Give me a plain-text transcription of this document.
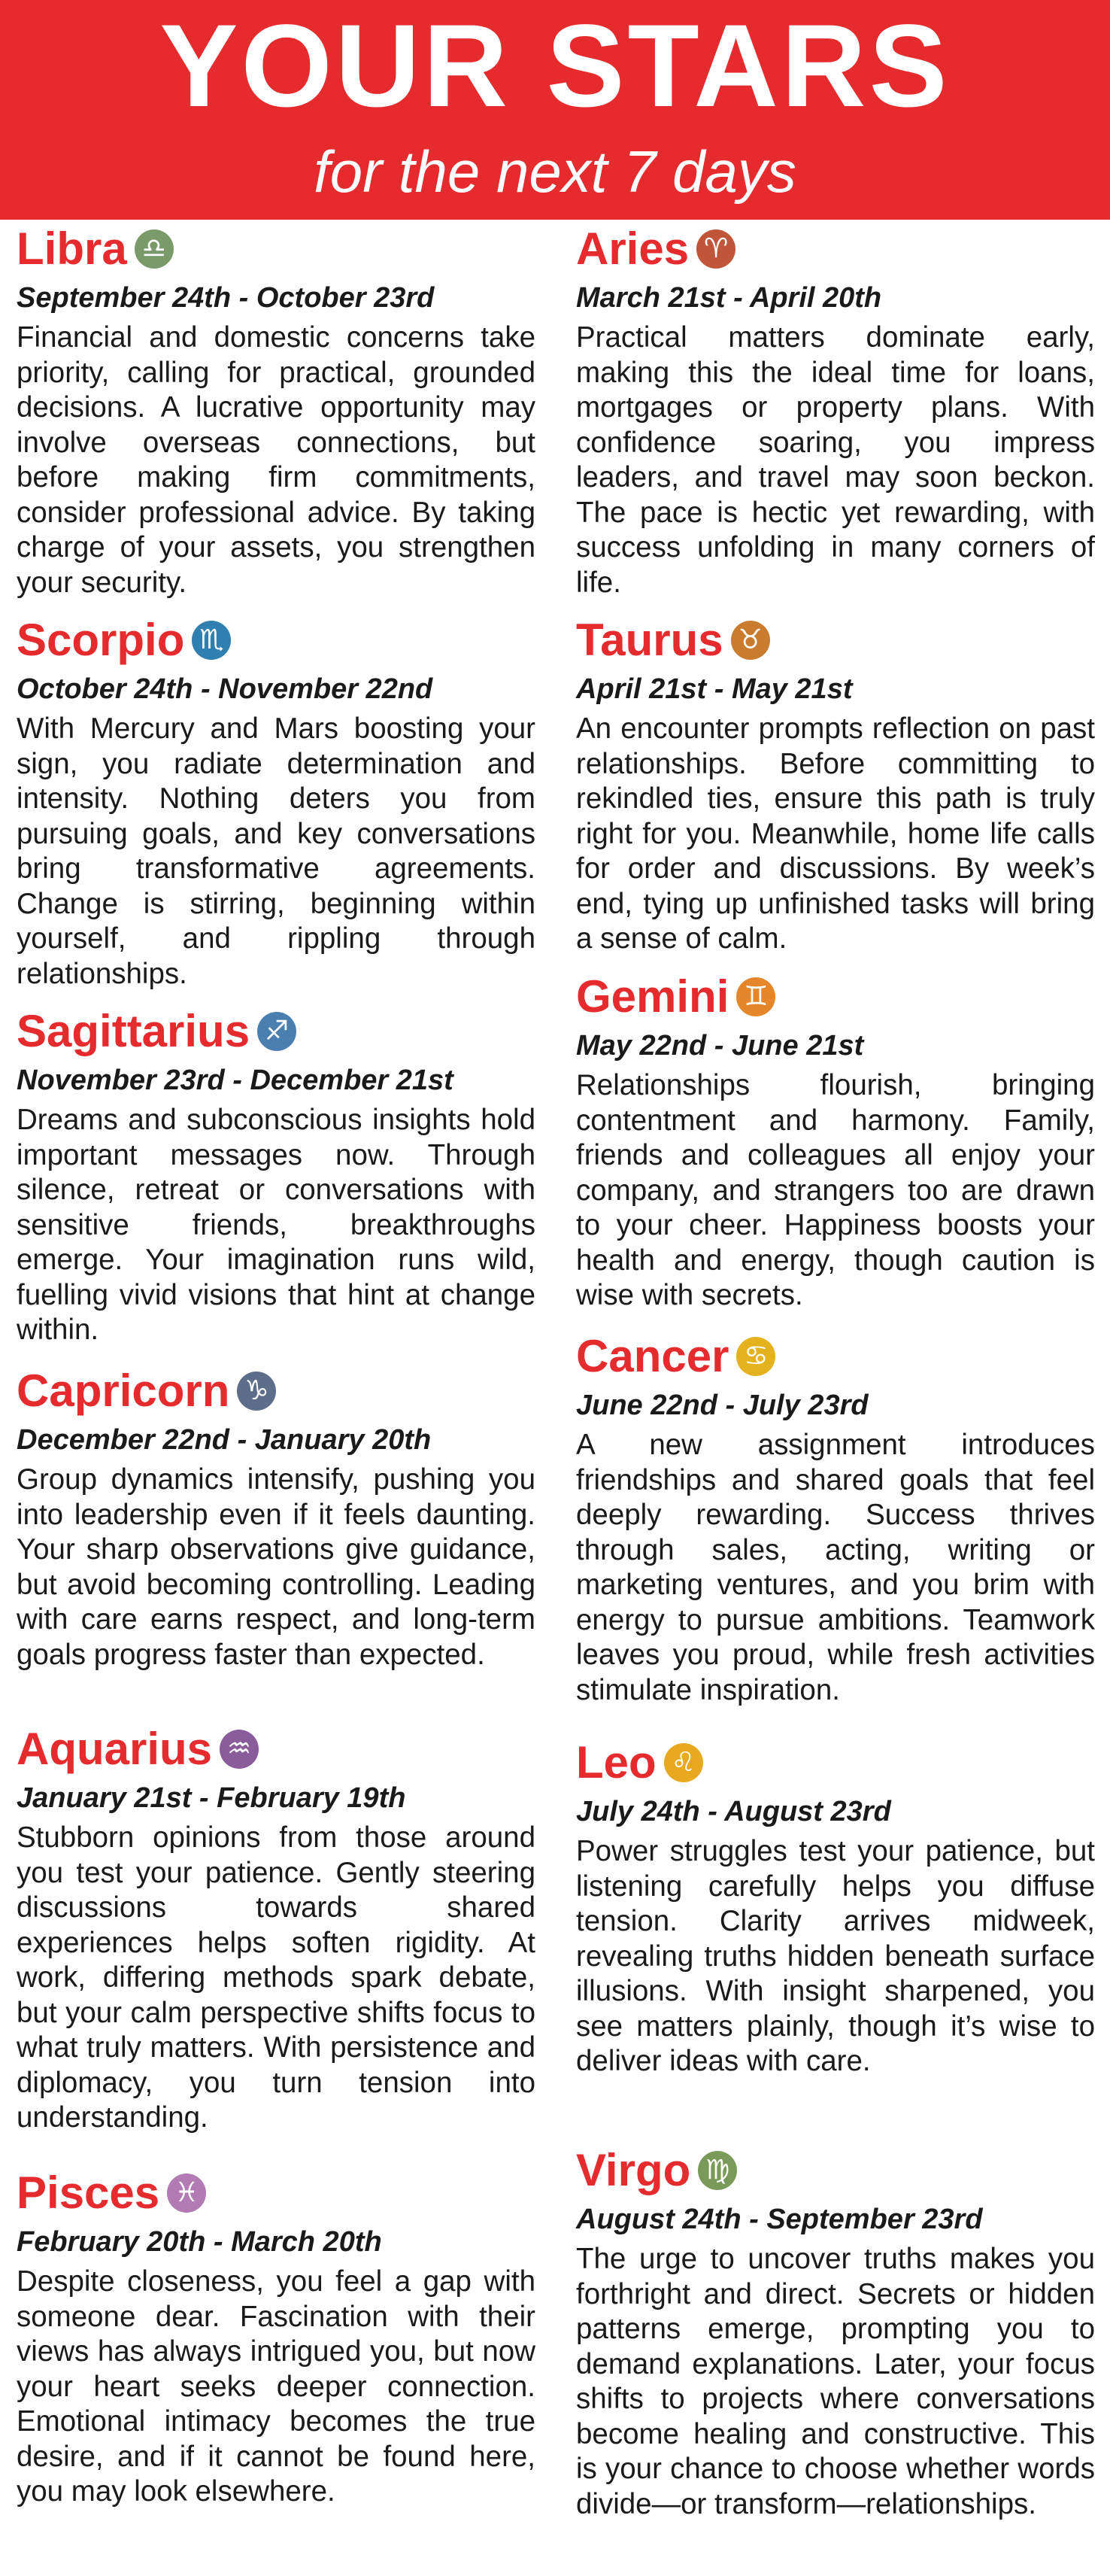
YOUR STARS
for the next 7 days
Libra ♎
September 24th - October 23rd
Financial and domestic concerns take priority, calling for practical, grounded decisions. A lucrative opportunity may involve overseas connections, but before making firm commitments, consider professional advice. By taking charge of your assets, you strengthen your security.
Scorpio ♏
October 24th - November 22nd
With Mercury and Mars boosting your sign, you radiate determination and intensity. Nothing deters you from pursuing goals, and key conversations bring transformative agreements. Change is stirring, beginning within yourself, and rippling through relationships.
Sagittarius ♐
November 23rd - December 21st
Dreams and subconscious insights hold important messages now. Through silence, retreat or conversations with sensitive friends, breakthroughs emerge. Your imagination runs wild, fuelling vivid visions that hint at change within.
Capricorn ♑
December 22nd - January 20th
Group dynamics intensify, pushing you into leadership even if it feels daunting. Your sharp observations give guidance, but avoid becoming controlling. Leading with care earns respect, and long-term goals progress faster than expected.
Aquarius ♒
January 21st - February 19th
Stubborn opinions from those around you test your patience. Gently steering discussions towards shared experiences helps soften rigidity. At work, differing methods spark debate, but your calm perspective shifts focus to what truly matters. With persistence and diplomacy, you turn tension into understanding.
Pisces ♓
February 20th - March 20th
Despite closeness, you feel a gap with someone dear. Fascination with their views has always intrigued you, but now your heart seeks deeper connection. Emotional intimacy becomes the true desire, and if it cannot be found here, you may look elsewhere.
Aries ♈
March 21st - April 20th
Practical matters dominate early, making this the ideal time for loans, mortgages or property plans. With confidence soaring, you impress leaders, and travel may soon beckon. The pace is hectic yet rewarding, with success unfolding in many corners of life.
Taurus ♉
April 21st - May 21st
An encounter prompts reflection on past relationships. Before committing to rekindled ties, ensure this path is truly right for you. Meanwhile, home life calls for order and discussions. By week’s end, tying up unfinished tasks will bring a sense of calm.
Gemini ♊
May 22nd - June 21st
Relationships flourish, bringing contentment and harmony. Family, friends and colleagues all enjoy your company, and strangers too are drawn to your cheer. Happiness boosts your health and energy, though caution is wise with secrets.
Cancer ♋
June 22nd - July 23rd
A new assignment introduces friendships and shared goals that feel deeply rewarding. Success thrives through sales, acting, writing or marketing ventures, and you brim with energy to pursue ambitions. Teamwork leaves you proud, while fresh activities stimulate inspiration.
Leo ♌
July 24th - August 23rd
Power struggles test your patience, but listening carefully helps you diffuse tension. Clarity arrives midweek, revealing truths hidden beneath surface illusions. With insight sharpened, you see matters plainly, though it’s wise to deliver ideas with care.
Virgo ♍
August 24th - September 23rd
The urge to uncover truths makes you forthright and direct. Secrets or hidden patterns emerge, prompting you to demand explanations. Later, your focus shifts to projects where conversations become healing and constructive. This is your chance to choose whether words divide—or transform—relationships.
